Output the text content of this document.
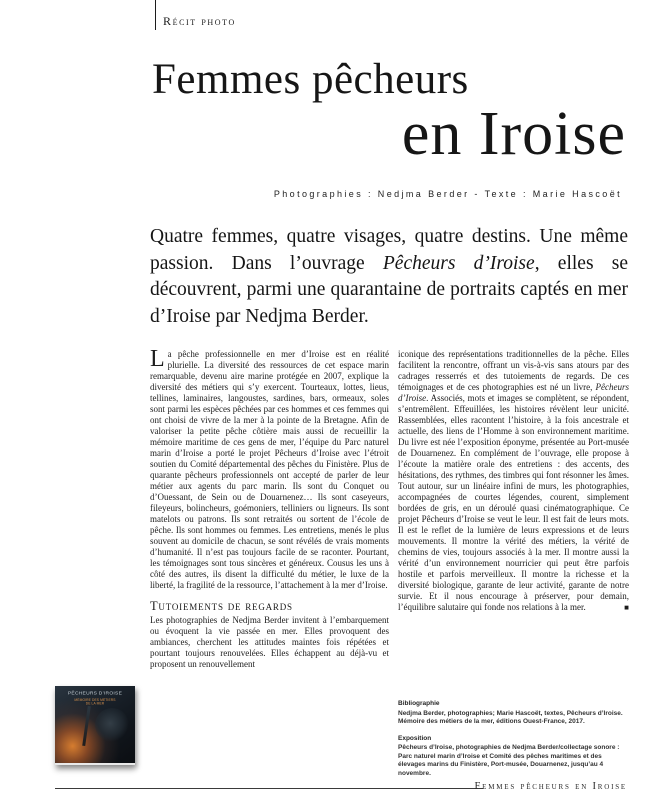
Récit photo
Femmes pêcheurs
en Iroise
Photographies : Nedjma Berder - Texte : Marie Hascoët
Quatre femmes, quatre visages, quatre destins. Une même passion. Dans l’ouvrage Pêcheurs d’Iroise, elles se découvrent, parmi une quarantaine de portraits captés en mer d’Iroise par Nedjma Berder.

La pêche professionnelle en mer d’Iroise est en réalité plurielle. La diversité des ressources de cet espace marin remarquable, devenu aire marine protégée en 2007, explique la diversité des métiers qui s’y exercent. Tourteaux, lottes, lieus, tellines, laminaires, langoustes, sardines, bars, ormeaux, soles sont parmi les espèces pêchées par ces hommes et ces femmes qui ont choisi de vivre de la mer à la pointe de la Bretagne. Afin de valoriser la petite pêche côtière mais aussi de recueillir la mémoire maritime de ces gens de mer, l’équipe du Parc naturel marin d’Iroise a porté le projet Pêcheurs d’Iroise avec l’étroit soutien du Comité départemental des pêches du Finistère. Plus de quarante pêcheurs professionnels ont accepté de parler de leur métier aux agents du parc marin. Ils sont du Conquet ou d’Ouessant, de Sein ou de Douarnenez… Ils sont caseyeurs, fileyeurs, bolincheurs, goémoniers, telliniers ou ligneurs. Ils sont matelots ou patrons. Ils sont retraités ou sortent de l’école de pêche. Ils sont hommes ou femmes. Les entretiens, menés le plus souvent au domicile de chacun, se sont révélés de vrais moments d’humanité. Il n’est pas toujours facile de se raconter. Pourtant, les témoignages sont tous sincères et généreux. Cousus les uns à côté des autres, ils disent la difficulté du métier, le luxe de la liberté, la fragilité de la ressource, l’attachement à la mer d’Iroise.

Tutoiements de regards

Les photographies de Nedjma Berder invitent à l’embarquement ou évoquent la vie passée en mer. Elles provoquent des ambiances, cherchent les attitudes maintes fois répétées et pourtant toujours renouvelées. Elles échappent au déjà-vu et proposent un renouvellement

iconique des représentations traditionnelles de la pêche. Elles facilitent la rencontre, offrant un vis-à-vis sans atours par des cadrages resserrés et des tutoiements de regards. De ces témoignages et de ces photographies est né un livre, Pêcheurs d’Iroise. Associés, mots et images se complètent, se répondent, s’entremêlent. Effeuillées, les histoires révèlent leur unicité. Rassemblées, elles racontent l’histoire, à la fois ancestrale et actuelle, des liens de l’Homme à son environnement maritime. Du livre est née l’exposition éponyme, présentée au Port-musée de Douarnenez. En complément de l’ouvrage, elle propose à l’écoute la matière orale des entretiens : des accents, des hésitations, des rythmes, des timbres qui font résonner les âmes. Tout autour, sur un linéaire infini de murs, les photographies, accompagnées de courtes légendes, courent, simplement bordées de gris, en un déroulé quasi cinématographique. Ce projet Pêcheurs d’Iroise se veut le leur. Il est fait de leurs mots. Il est le reflet de la lumière de leurs expressions et de leurs mouvements. Il montre la vérité des métiers, la vérité de chemins de vies, toujours associés à la mer. Il montre aussi la vérité d’un environnement nourricier qui peut être parfois hostile et parfois merveilleux. Il montre la richesse et la diversité biologique, garante de leur activité, garante de notre survie. Et il nous encourage à préserver, pour demain, l’équilibre salutaire qui fonde nos relations à la mer.	■

Bibliographie

Nedjma Berder, photographies; Marie Hascoët, textes, Pêcheurs d’Iroise. Mémoire des métiers de la mer, éditions Ouest-France, 2017.

Exposition

Pêcheurs d’Iroise, photographies de Nedjma Berder/collectage sonore : Parc naturel marin d’Iroise et Comité des pêches maritimes et des élevages marins du Finistère, Port-musée, Douarnenez, jusqu’au 4 novembre.

PÊCHEURS D’IROISE
MÉMOIRE DES MÉTIERS DE LA MER
Femmes pêcheurs en Iroise
